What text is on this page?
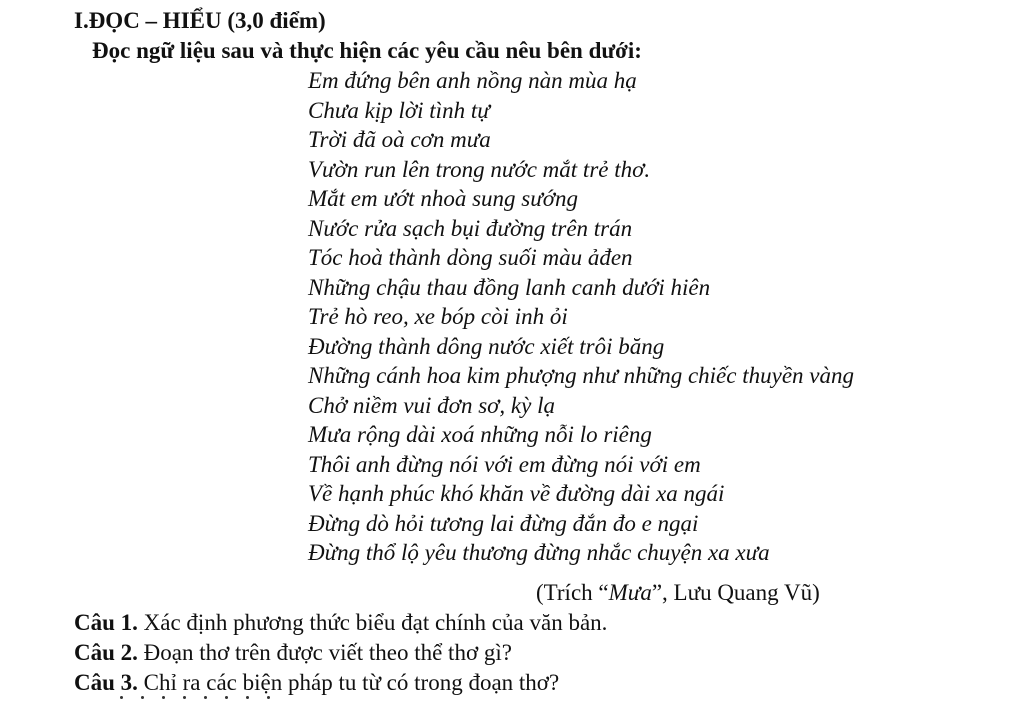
I.ĐỌC – HIỂU (3,0 điểm)
Đọc ngữ liệu sau và thực hiện các yêu cầu nêu bên dưới:
Em đứng bên anh nồng nàn mùa hạ
Chưa kịp lời tình tự
Trời đã oà cơn mưa
Vườn run lên trong nước mắt trẻ thơ.
Mắt em ướt nhoà sung sướng
Nước rửa sạch bụi đường trên trán
Tóc hoà thành dòng suối màu ảđen
Những chậu thau đồng lanh canh dưới hiên
Trẻ hò reo, xe bóp còi inh ỏi
Đường thành dông nước xiết trôi băng
Những cánh hoa kim phượng như những chiếc thuyền vàng
Chở niềm vui đơn sơ, kỳ lạ
Mưa rộng dài xoá những nỗi lo riêng
Thôi anh đừng nói với em đừng nói với em
Về hạnh phúc khó khăn về đường dài xa ngái
Đừng dò hỏi tương lai đừng đắn đo e ngại
Đừng thổ lộ yêu thương đừng nhắc chuyện xa xưa
(Trích “Mưa”, Lưu Quang Vũ)
Câu 1. Xác định phương thức biểu đạt chính của văn bản.
Câu 2. Đoạn thơ trên được viết theo thể thơ gì?
Câu 3. Chỉ ra các biện pháp tu từ có trong đoạn thơ?
